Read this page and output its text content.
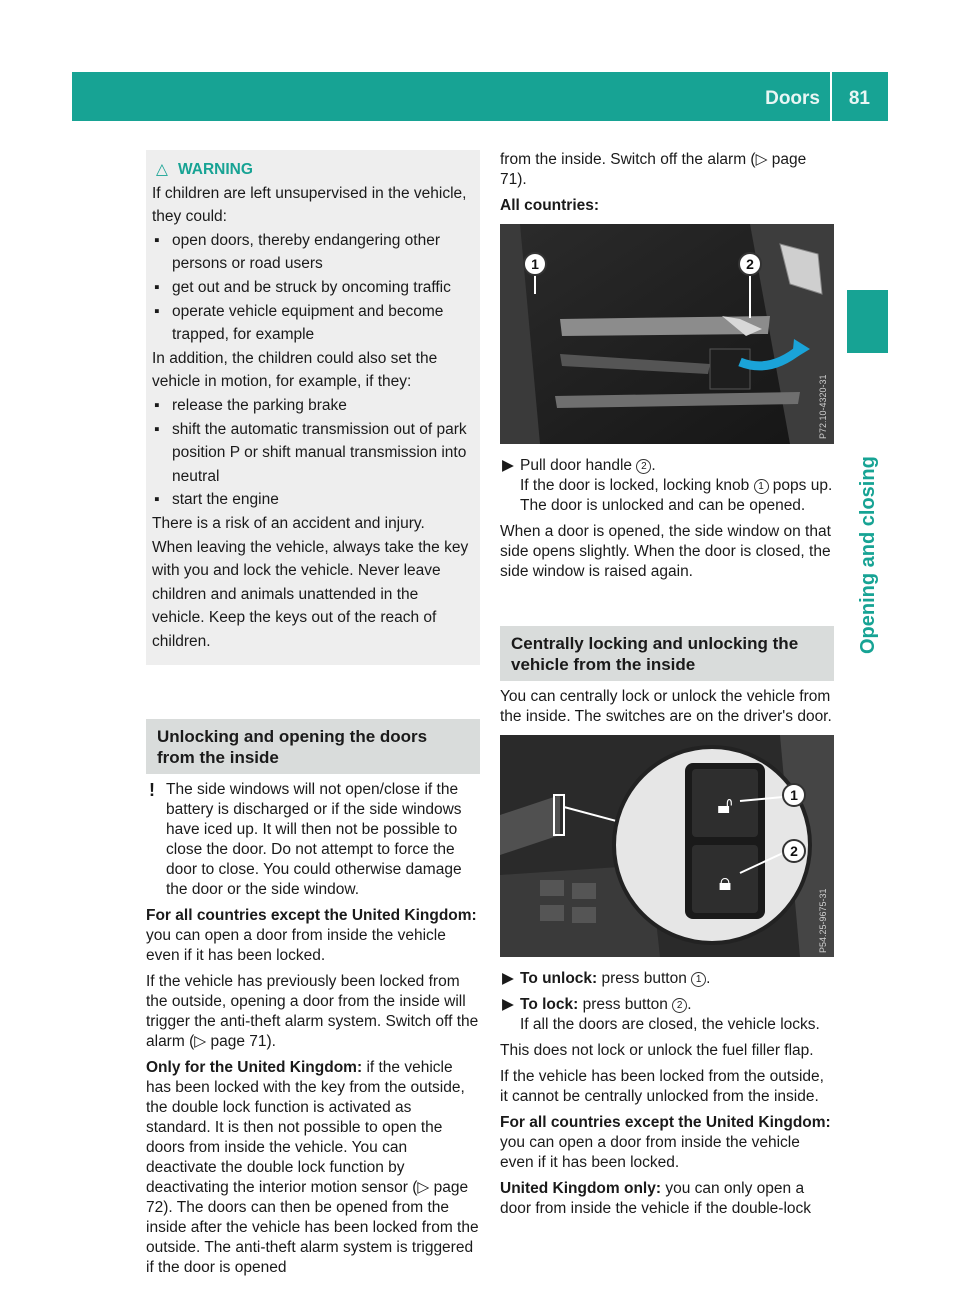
Doors 81
Opening and closing
△ WARNING

If children are left unsupervised in the vehicle, they could:

▪ open doors, thereby endangering other persons or road users

▪ get out and be struck by oncoming traffic

▪ operate vehicle equipment and become trapped, for example

In addition, the children could also set the vehicle in motion, for example, if they:

▪ release the parking brake

▪ shift the automatic transmission out of park position P or shift manual transmission into neutral

▪ start the engine

There is a risk of an accident and injury.

When leaving the vehicle, always take the key with you and lock the vehicle. Never leave children and animals unattended in the vehicle. Keep the keys out of the reach of children.

Unlocking and opening the doors from the inside
! The side windows will not open/close if the battery is discharged or if the side windows have iced up. It will then not be possible to close the door. Do not attempt to force the door to close. You could otherwise damage the door or the side window.

For all countries except the United Kingdom: you can open a door from inside the vehicle even if it has been locked.

If the vehicle has previously been locked from the outside, opening a door from the inside will trigger the anti-theft alarm system. Switch off the alarm (▷ page 71).

Only for the United Kingdom: if the vehicle has been locked with the key from the outside, the double lock function is activated as standard. It is then not possible to open the doors from inside the vehicle. You can deactivate the double lock function by deactivating the interior motion sensor (▷ page 72). The doors can then be opened from the inside after the vehicle has been locked from the outside. The anti-theft alarm system is triggered if the door is opened

from the inside. Switch off the alarm (▷ page 71).

All countries:

1	2
P72.10-4320-31
▶ Pull door handle 2 .
If the door is locked, locking knob 1 pops up. The door is unlocked and can be opened.

When a door is opened, the side window on that side opens slightly. When the door is closed, the side window is raised again.

Centrally locking and unlocking the vehicle from the inside

You can centrally lock or unlock the vehicle from the inside. The switches are on the driver's door.

🔓︎
🔒︎
1
2
P54.25-9675-31
▶ To unlock: press button 1 .
▶ To lock: press button 2 .
If all the doors are closed, the vehicle locks.

This does not lock or unlock the fuel filler flap.

If the vehicle has been locked from the outside, it cannot be centrally unlocked from the inside.

For all countries except the United Kingdom: you can open a door from inside the vehicle even if it has been locked.

United Kingdom only: you can only open a door from inside the vehicle if the double-lock
